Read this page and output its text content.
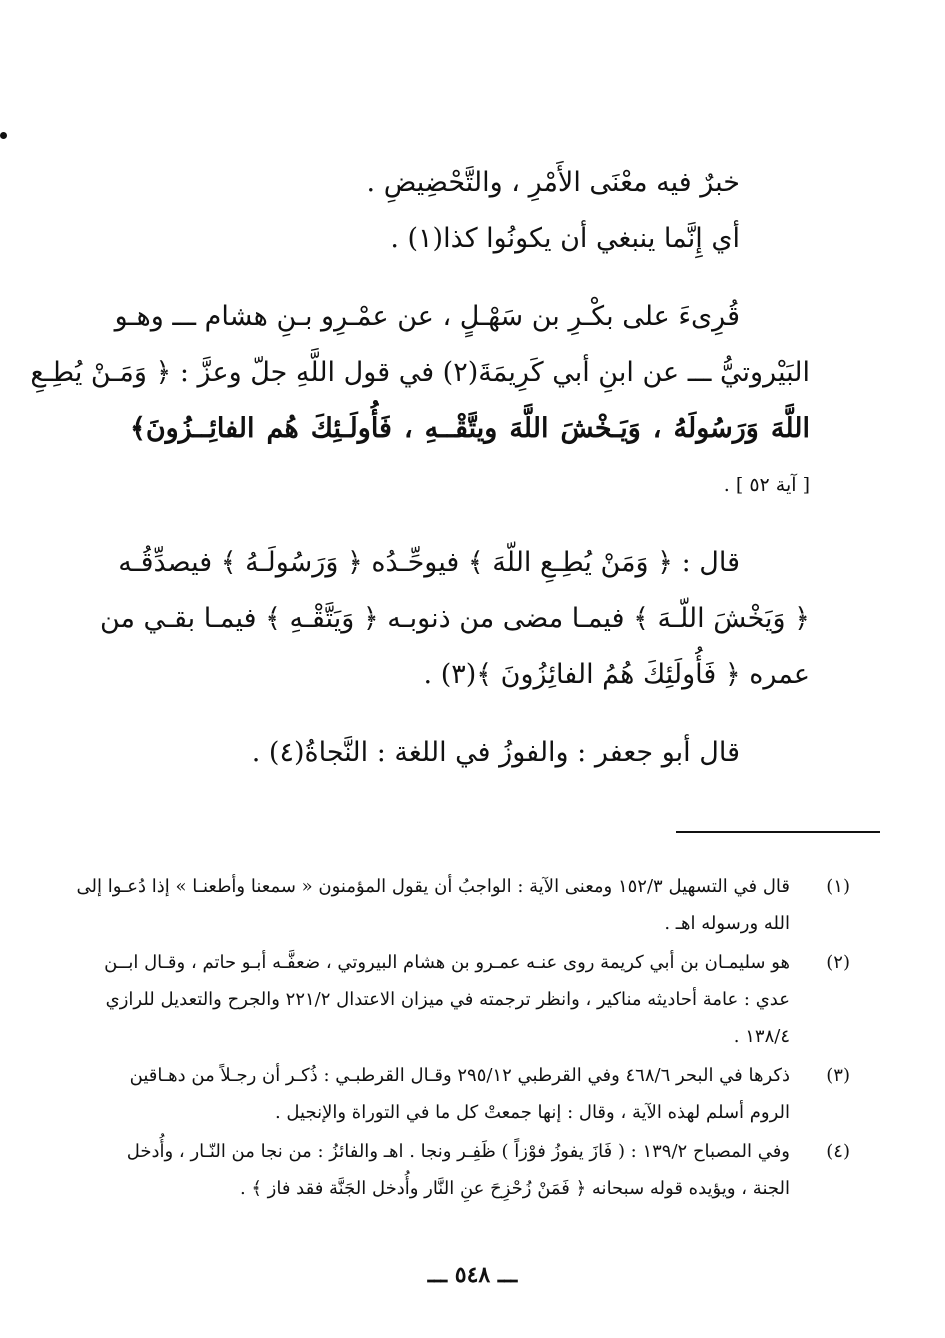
خبرٌ فيه معْنَى الأَمْرِ ، والتَّحْضِيضِ .
أي إِنَّما ينبغي أن يكونُوا كذا(١) .
قُرِىءَ على بكْـرِ بن سَهْـلٍ ، عن عمْـرِو بـنِ هشام ـــ وهـو
البَيْروتيُّ ـــ عن ابنِ أبي كَرِيمَةَ(٢) في قول اللَّهِ جلّ وعزَّ : ﴿ وَمَـنْ يُطِـعِ
اللَّهَ وَرَسُولَهُ ، وَيَـخْشَ اللَّهَ ويتَّقْــهِ ، فَأُولَـئِكَ هُم الفائِــزُونَ﴾
[ آية ٥٢ ] .
قال : ﴿ وَمَنْ يُطِـعِ اللّهَ ﴾ فيوحِّـدُه ﴿ وَرَسُولَـهُ ﴾ فيصدِّقُـه
﴿ وَيَخْشَ اللّـهَ ﴾ فيمـا مضى من ذنوبـه ﴿ وَيَتَّقْـهِ ﴾ فيمـا بقـي من
عمره ﴿ فَأُولَئِكَ هُمُ الفائِزُونَ ﴾(٣) .
قال أبو جعفر : والفوزُ في اللغة : النَّجاةُ(٤) .
(١)
قال في التسهيل ١٥٢/٣ ومعنى الآية : الواجبُ أن يقول المؤمنون « سمعنا وأطعنـا » إذا دُعـوا إلى
الله ورسوله اهـ .
(٢)
هو سليمـان بن أبي كريمة روى عنـه عمـرو بن هشام البيروتي ، ضعفَّـه أبـو حاتم ، وقـال ابــن
عدي : عامة أحاديثه مناكير ، وانظر ترجمته في ميزان الاعتدال ٢٢١/٢ والجرح والتعديل للرازي
١٣٨/٤ .
(٣)
ذكرها في البحر ٤٦٨/٦ وفي القرطبي ٢٩٥/١٢ وقـال القرطبـي : ذُكـر أن رجـلاً من دهـاقين
الروم أسلم لهذه الآية ، وقال : إنها جمعتْ كل ما في التوراة والإنجيل .
(٤)
وفي المصباح ١٣٩/٢ : ( فَازَ يفوزُ فوْزاً ) ظَفِـر ونجا . اهـ والفائزُ : من نجا من النّـار ، وأُدخل
الجنة ، ويؤيده قوله سبحانه ﴿ فَمَنْ زُحْزِحَ عنِ النَّار وأُدخل الجَنَّة فقد فاز ﴾ .
ـــ ٥٤٨ ـــ
